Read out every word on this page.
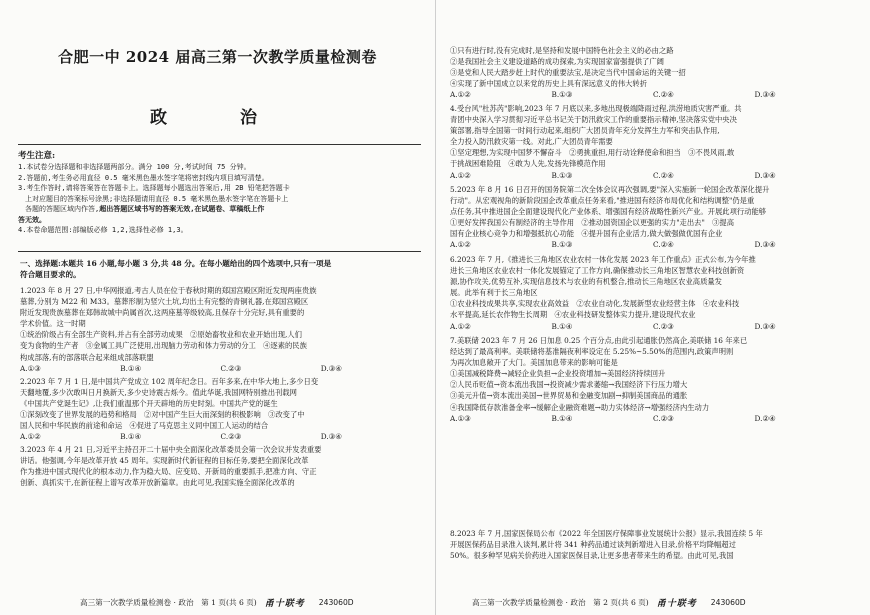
合肥一中 2024 届高三第一次教学质量检测卷
政　治
考生注意:
1.本试卷分选择题和非选择题两部分。满分 100 分,考试时间 75 分钟。
2.答题前,考生务必用直径 0.5 毫米黑色墨水签字笔将密封线内项目填写清楚。
3.考生作答时,请将答案答在答题卡上。选择题每小题选出答案后,用 2B 铅笔把答题卡
　上对应题目的答案标号涂黑;非选择题请用直径 0.5 毫米黑色墨水签字笔在答题卡上
　各题的答题区域内作答,超出答题区域书写的答案无效,在试题卷、草稿纸上作
答无效。
4.本卷命题范围:部编版必修 1,2,选择性必修 1,3。
一、选择题:本题共 16 小题,每小题 3 分,共 48 分。在每小题给出的四个选项中,只有一项是
符合题目要求的。
1.2023 年 8 月 27 日,中华网报道,考古人员在位于春秋时期的郑国宫殿区附近发现两座贵族
墓葬,分别为 M22 和 M33。墓葬形制为竖穴土坑,均出土有完整的青铜礼器,在郑国宫殿区
附近发现贵族墓葬在郑韩故城中尚属首次,这两座墓等级较高,且保存十分完好,具有重要的
学术价值。这一时期
①统治阶级占有全部生产资料,并占有全部劳动成果　②原始畜牧业和农业开始出现,人们
变为食物的生产者　③金属工具广泛使用,出现脑力劳动和体力劳动的分工　④逐素的民族
构成部落,有的部落联合起来组成部落联盟
A.①③	B.①④	C.②③	D.③④
2.2023 年 7 月 1 日,是中国共产党成立 102 周年纪念日。百年多来,在中华大地上,多少日变
天翻地覆,多少次敢叫日月换新天,多少史诗震古烁今。值此华诞,我国网特别推出刊载网
《中国共产党诞生记》,让我们重温那个开天辟地的历史时刻。中国共产党的诞生
①深刻改变了世界发展的趋势和格局　②对中国产生巨大而深刻的积极影响　③改变了中
国人民和中华民族的前途和命运　④促进了马克思主义同中国工人运动的结合
A.①②	B.①④	C.②③	D.③④
3.2023 年 4 月 21 日,习近平主持召开二十届中央全面深化改革委员会第一次会议并发表重要
讲话。他强调,今年是改革开放 45 周年。实现新时代新征程的目标任务,要把全面深化改革
作为推进中国式现代化的根本动力,作为稳大局、应变局、开新局的重要抓手,把准方向、守正
创新、真抓实干,在新征程上谱写改革开放新篇章。由此可见,我国实施全面深化改革的
高三第一次教学质量检测卷 · 政治　第 1 页(共 6 页) 甬十联考 243060D
①只有进行时,没有完成时,是坚持和发展中国特色社会主义的必由之路
②是我国社会主义建设道路的成功探索,为实现国家富强提供了广阔
③是党和人民大踏步赶上时代的重要法宝,是决定当代中国命运的关键一招
④实现了新中国成立以来党的历史上具有深远意义的伟大转折
A.①②	B.①③	C.②④	D.③④
4.受台风"杜苏芮"影响,2023 年 7 月底以来,多地出现极端降雨过程,洪涝地质灾害严重。共
青团中央深入学习贯彻习近平总书记关于防汛救灾工作的重要指示精神,坚决落实党中央决
策部署,指导全国第一时间行动起来,组织广大团员青年充分发挥生力军和突击队作用,
全力投入防汛救灾第一线。对此,广大团员青年需要
①坚定理想,为实现中国梦不懈奋斗　②勇挑重担,用行动诠释使命和担当　③不畏风雨,敢
于挑战困难险阻　④敢为人先,发扬先锋模范作用
A.①②	B.①③	C.②④	D.③④
5.2023 年 8 月 16 日召开的国务院第二次全体会议再次强调,要"深入实施新一轮国企改革深化提升
行动"。从宏观视角的新阶段国企改革重点任务来看,"推进国有经济布局优化和结构调整"仍是重
点任务,其中推进国企全面建设现代化产业体系、增强国有经济战略性新兴产业。开展此项行动能够
①更好发挥我国公有制经济的主导作用　②推动国资国企以更强的实力"走出去"　③提高
国有企业核心竞争力和增强抵抗心功能　④提升国有企业活力,做大做强做优国有企业
A.①②	B.①③	C.②④	D.③④
6.2023 年 7 月,《推进长三角地区农业农村一体化发展 2023 年工作重点》正式公布,为今年推
进长三角地区农业农村一体化发展锚定了工作方向,确保推动长三角地区智慧农业科技创新资
源,协作攻关,优势互补,实现信息技术与农业的有机整合,推动长三角地区农业高质量发
展。此举有利于长三角地区
①农业科技成果共享,实现农业高效益　②农业自动化,发展新型农业经营主体　④农业科技
水平提高,延长农作物生长周期　④农业科技研发整体实力提升,建设现代农业
A.①②	B.①④	C.②③	D.③④
7.美联储 2023 年 7 月 26 日加息 0.25 个百分点,由此引起通胀仍然高企,美联储 16 年来已
经达到了最高利率。美联储将基准隔夜利率设定在 5.25%~5.50%的范围内,政策声明则
为再次加息敞开了大门。美国加息带来的影响可能是
①美国减税降费→减轻企业负担→企业投资增加→美国经济持续回升
②人民币贬值→资本流出我国→投资减少需求萎缩→我国经济下行压力增大
③美元升值→资本流出美国→世界贸易和金融变加剧→抑制美国商品的通胀
④我国降低存款准备金率→缓解企业融资难题→助力实体经济→增强经济内生动力
A.①③	B.①④	C.②③	D.②④
8.2023 年 7 月,国家医保局公布《2022 年全国医疗保障事业发展统计公报》显示,我国连续 5 年
开展医保药品目录准入谈判,累计将 341 种药品通过谈判新增进入目录,价格平均降幅超过
50%。很多种罕见病关价药进入国家医保目录,让更多患者带来生的希望。由此可见,我国
高三第一次教学质量检测卷 · 政治　第 2 页(共 6 页) 甬十联考 243060D
